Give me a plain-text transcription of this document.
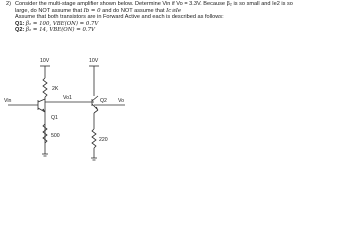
2) Consider the multi-stage amplifier shown below. Determine Vin if Vo = 3.3V. Because β₂ is so small and Ie2 is so
large, do NOT assume that Ib = 0 and do NOT assume that Ic≅Ie
Assume that both transistors are in Forward Active and each is described as follows:
Q1: β₁ = 100, VBE(ON) = 0.7V
Q2: β₂ = 14, VBE(ON) = 0.7V
10V	10V
2K
Vo1	Q2
Vin	Vo
Q1
500
220
